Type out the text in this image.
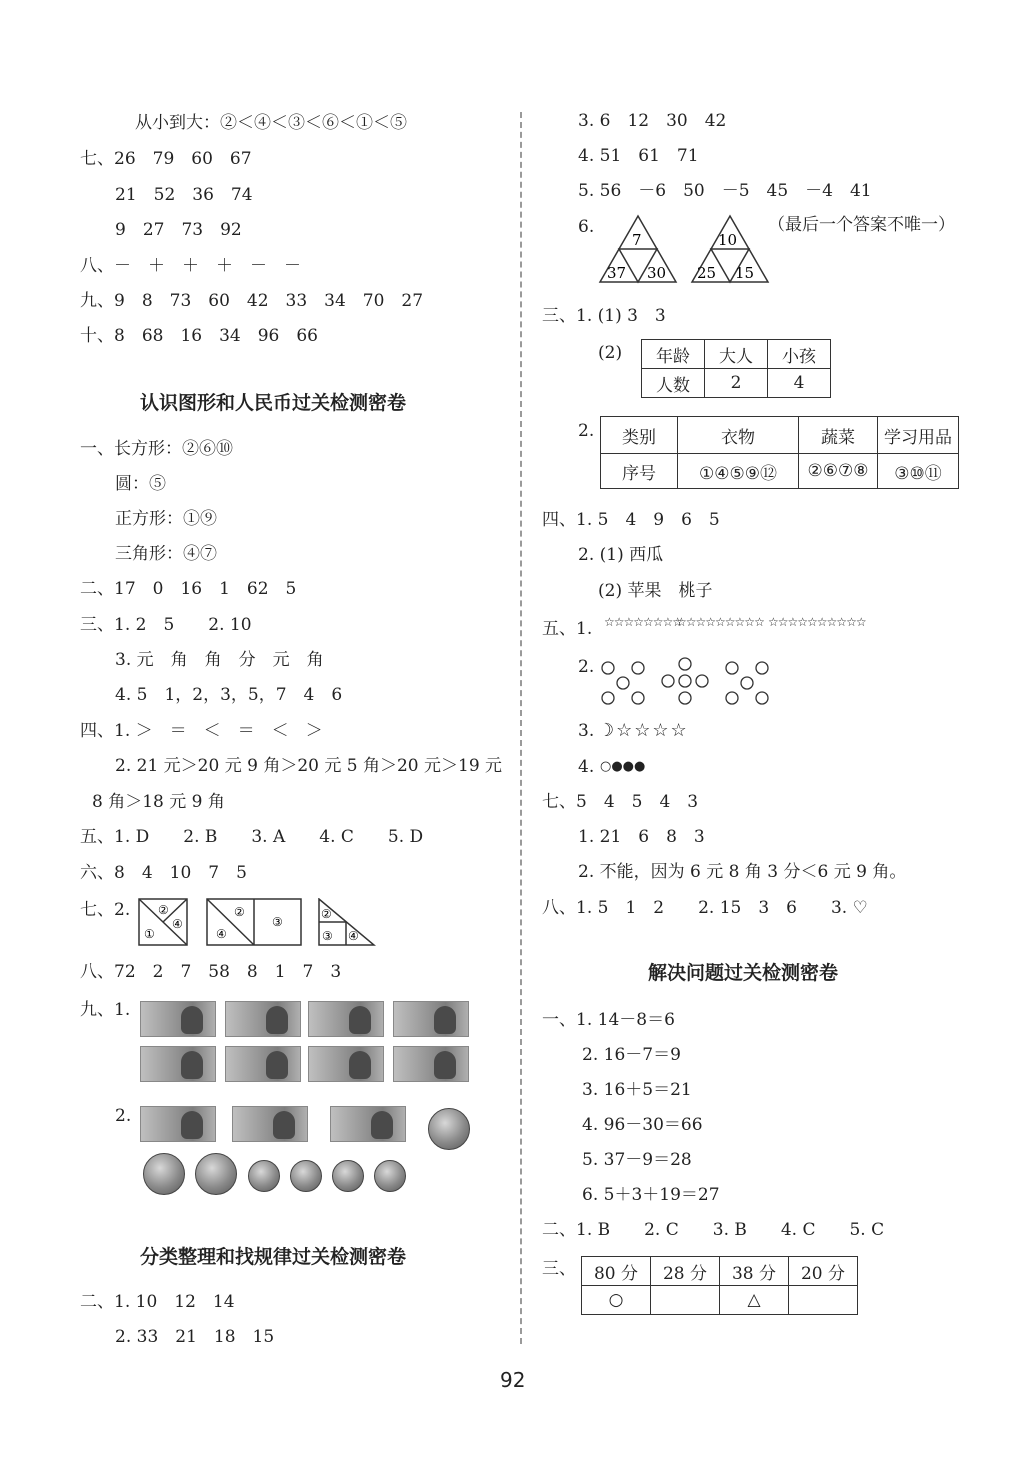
从小到大：②＜④＜③＜⑥＜①＜⑤
七、26　79　60　67
21　52　36　74
9　27　73　92
八、－　＋　＋　＋　－　－
九、9　8　73　60　42　33　34　70　27
十、8　68　16　34　96　66
认识图形和人民币过关检测密卷
一、长方形：②⑥⑩
圆：⑤
正方形：①⑨
三角形：④⑦
二、17　0　16　1　62　5
三、1. 2　5　　2. 10
3. 元　角　角　分　元　角
4. 5　1，2，3，5，7　4　6
四、1. ＞　＝　＜　＝　＜　＞
2. 21 元＞20 元 9 角＞20 元 5 角＞20 元＞19 元
8 角＞18 元 9 角
五、1. D　　2. B　　3. A　　4. C　　5. D
六、8　4　10　7　5
七、2. ②
④
①
②
④
③
②
③ ④
八、72　2　7　58　8　1　7　3
九、1.
2.
分类整理和找规律过关检测密卷
二、1. 10　12　14
2. 33　21　18　15
3. 6　12　30　42
4. 51　61　71
5. 56　－6　50　－5　45　－4　41
6.
7
37 30
10
25 15
（最后一个答案不唯一）
三、1. (1) 3　3
(2) 年龄	大人	小孩
人数	2	4
2. 类别	衣物	蔬菜	学习用品
序号	①④⑤⑨⑫	②⑥⑦⑧	③⑩⑪
四、1. 5　4　9　6　5
2. (1) 西瓜
(2) 苹果　桃子
五、1. ☆☆☆☆☆☆☆☆
☆☆☆☆☆☆☆☆☆ ☆☆☆☆☆☆☆☆☆☆
2.
3. ☽☆☆☆☆
4. ○●●●
七、5　4　5　4　3
1. 21　6　8　3
2. 不能，因为 6 元 8 角 3 分＜6 元 9 角。
八、1. 5　1　2　　2. 15　3　6　　3. ♡
解决问题过关检测密卷
一、1. 14－8＝6
2. 16－7＝9
3. 16＋5＝21
4. 96－30＝66
5. 37－9＝28
6. 5＋3＋19＝27
二、1. B　　2. C　　3. B　　4. C　　5. C
三、 80 分	28 分	38 分	20 分
○		△	
92
